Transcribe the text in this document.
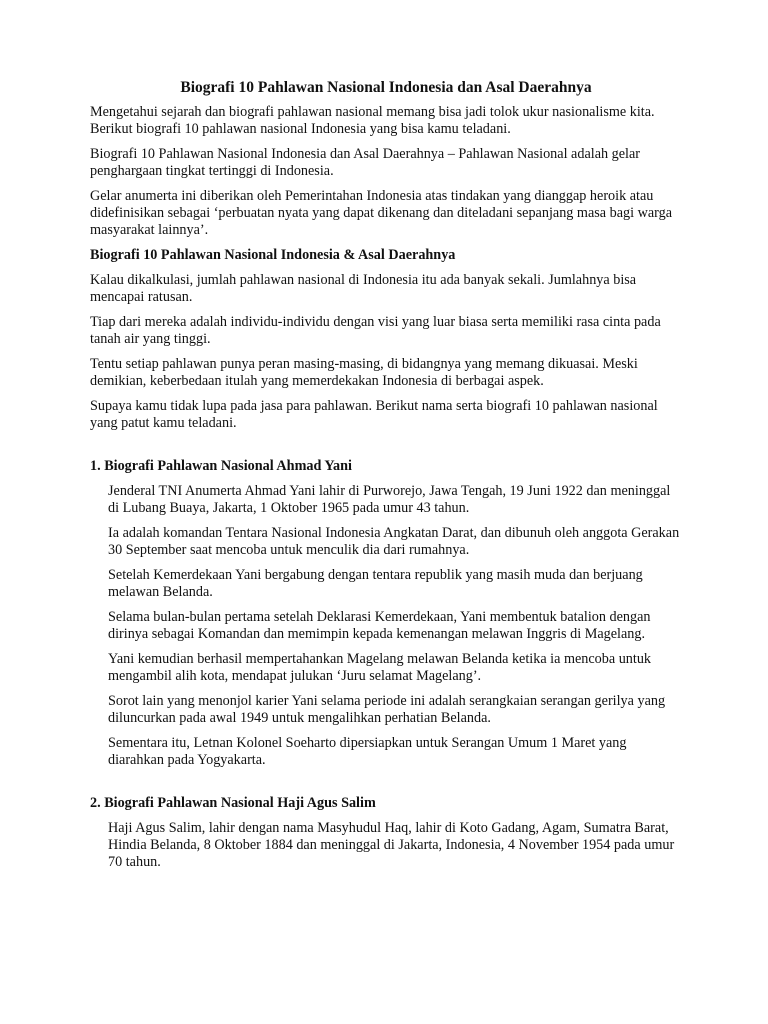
Biografi 10 Pahlawan Nasional Indonesia dan Asal Daerahnya

Mengetahui sejarah dan biografi pahlawan nasional memang bisa jadi tolok ukur nasionalisme kita. Berikut biografi 10 pahlawan nasional Indonesia yang bisa kamu teladani.

Biografi 10 Pahlawan Nasional Indonesia dan Asal Daerahnya – Pahlawan Nasional adalah gelar penghargaan tingkat tertinggi di Indonesia.

Gelar anumerta ini diberikan oleh Pemerintahan Indonesia atas tindakan yang dianggap heroik atau didefinisikan sebagai ‘perbuatan nyata yang dapat dikenang dan diteladani sepanjang masa bagi warga masyarakat lainnya’.

Biografi 10 Pahlawan Nasional Indonesia & Asal Daerahnya

Kalau dikalkulasi, jumlah pahlawan nasional di Indonesia itu ada banyak sekali. Jumlahnya bisa mencapai ratusan.

Tiap dari mereka adalah individu-individu dengan visi yang luar biasa serta memiliki rasa cinta pada tanah air yang tinggi.

Tentu setiap pahlawan punya peran masing-masing, di bidangnya yang memang dikuasai. Meski demikian, keberbedaan itulah yang memerdekakan Indonesia di berbagai aspek.

Supaya kamu tidak lupa pada jasa para pahlawan. Berikut nama serta biografi 10 pahlawan nasional yang patut kamu teladani.

1. Biografi Pahlawan Nasional Ahmad Yani

Jenderal TNI Anumerta Ahmad Yani lahir di Purworejo, Jawa Tengah, 19 Juni 1922 dan meninggal di Lubang Buaya, Jakarta, 1 Oktober 1965 pada umur 43 tahun.

Ia adalah komandan Tentara Nasional Indonesia Angkatan Darat, dan dibunuh oleh anggota Gerakan 30 September saat mencoba untuk menculik dia dari rumahnya.

Setelah Kemerdekaan Yani bergabung dengan tentara republik yang masih muda dan berjuang melawan Belanda.

Selama bulan-bulan pertama setelah Deklarasi Kemerdekaan, Yani membentuk batalion dengan dirinya sebagai Komandan dan memimpin kepada kemenangan melawan Inggris di Magelang.

Yani kemudian berhasil mempertahankan Magelang melawan Belanda ketika ia mencoba untuk mengambil alih kota, mendapat julukan ‘Juru selamat Magelang’.

Sorot lain yang menonjol karier Yani selama periode ini adalah serangkaian serangan gerilya yang diluncurkan pada awal 1949 untuk mengalihkan perhatian Belanda.

Sementara itu, Letnan Kolonel Soeharto dipersiapkan untuk Serangan Umum 1 Maret yang diarahkan pada Yogyakarta.

2. Biografi Pahlawan Nasional Haji Agus Salim

Haji Agus Salim, lahir dengan nama Masyhudul Haq, lahir di Koto Gadang, Agam, Sumatra Barat, Hindia Belanda, 8 Oktober 1884 dan meninggal di Jakarta, Indonesia, 4 November 1954 pada umur 70 tahun.
